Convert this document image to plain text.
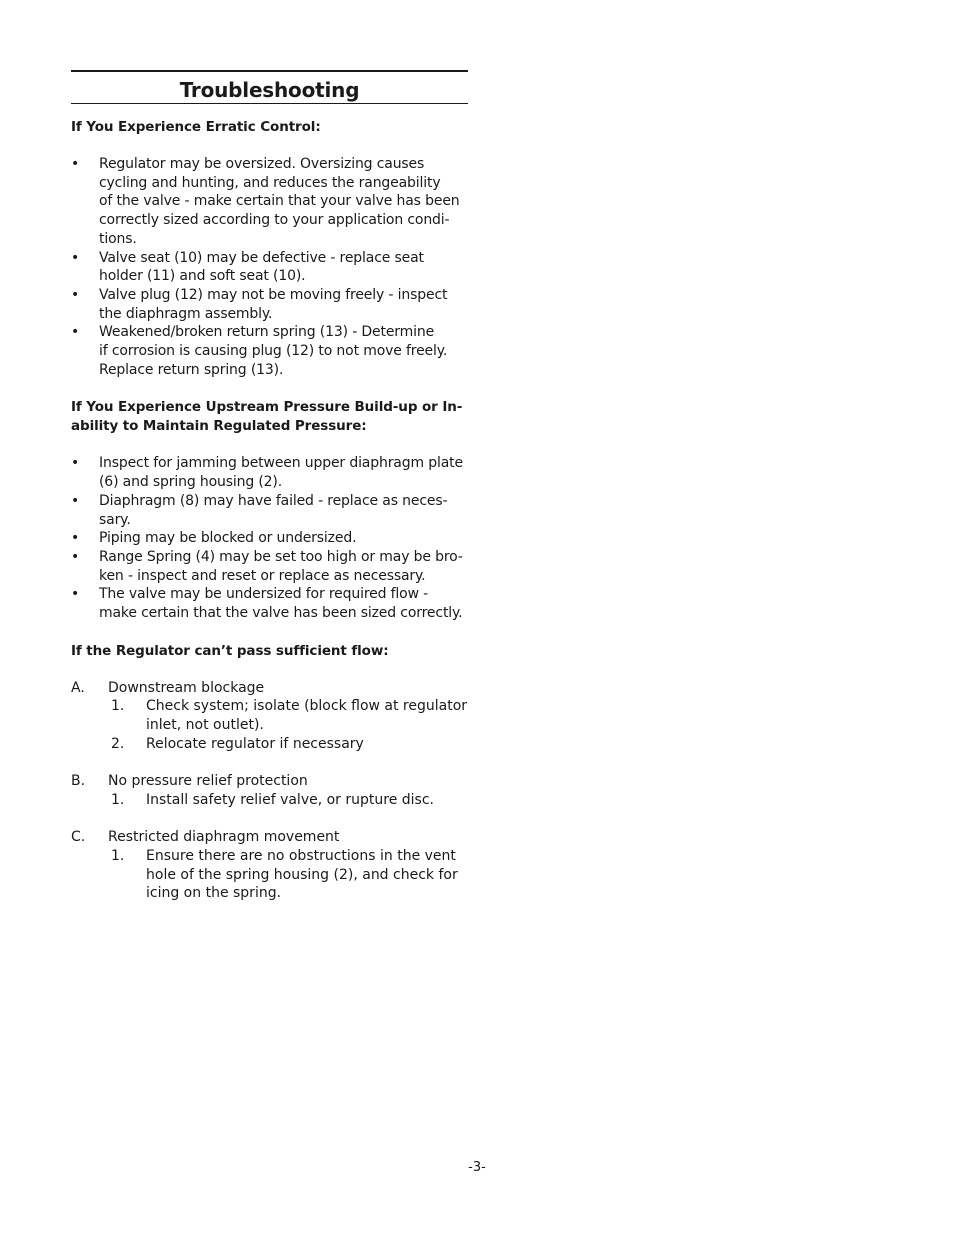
Troubleshooting

If You Experience Erratic Control:

• Regulator may be oversized. Oversizing causes
cycling and hunting, and reduces the rangeability
of the valve - make certain that your valve has been
correctly sized according to your application condi-
tions.
• Valve seat (10) may be defective - replace seat
holder (11) and soft seat (10).
• Valve plug (12) may not be moving freely - inspect
the diaphragm assembly.
• Weakened/broken return spring (13) - Determine
if corrosion is causing plug (12) to not move freely.
Replace return spring (13).
If You Experience Upstream Pressure Build-up or In-
ability to Maintain Regulated Pressure:
• Inspect for jamming between upper diaphragm plate
(6) and spring housing (2).
• Diaphragm (8) may have failed - replace as neces-
sary.
• Piping may be blocked or undersized.
• Range Spring (4) may be set too high or may be bro-
ken - inspect and reset or replace as necessary.
• The valve may be undersized for required flow -
make certain that the valve has been sized correctly.

If the Regulator can’t pass sufficient flow:

A. Downstream blockage
1. Check system; isolate (block flow at regulator
inlet, not outlet).
2. Relocate regulator if necessary
B. No pressure relief protection
1. Install safety relief valve, or rupture disc.
C. Restricted diaphragm movement
1. Ensure there are no obstructions in the vent
hole of the spring housing (2), and check for
icing on the spring.
-3-
